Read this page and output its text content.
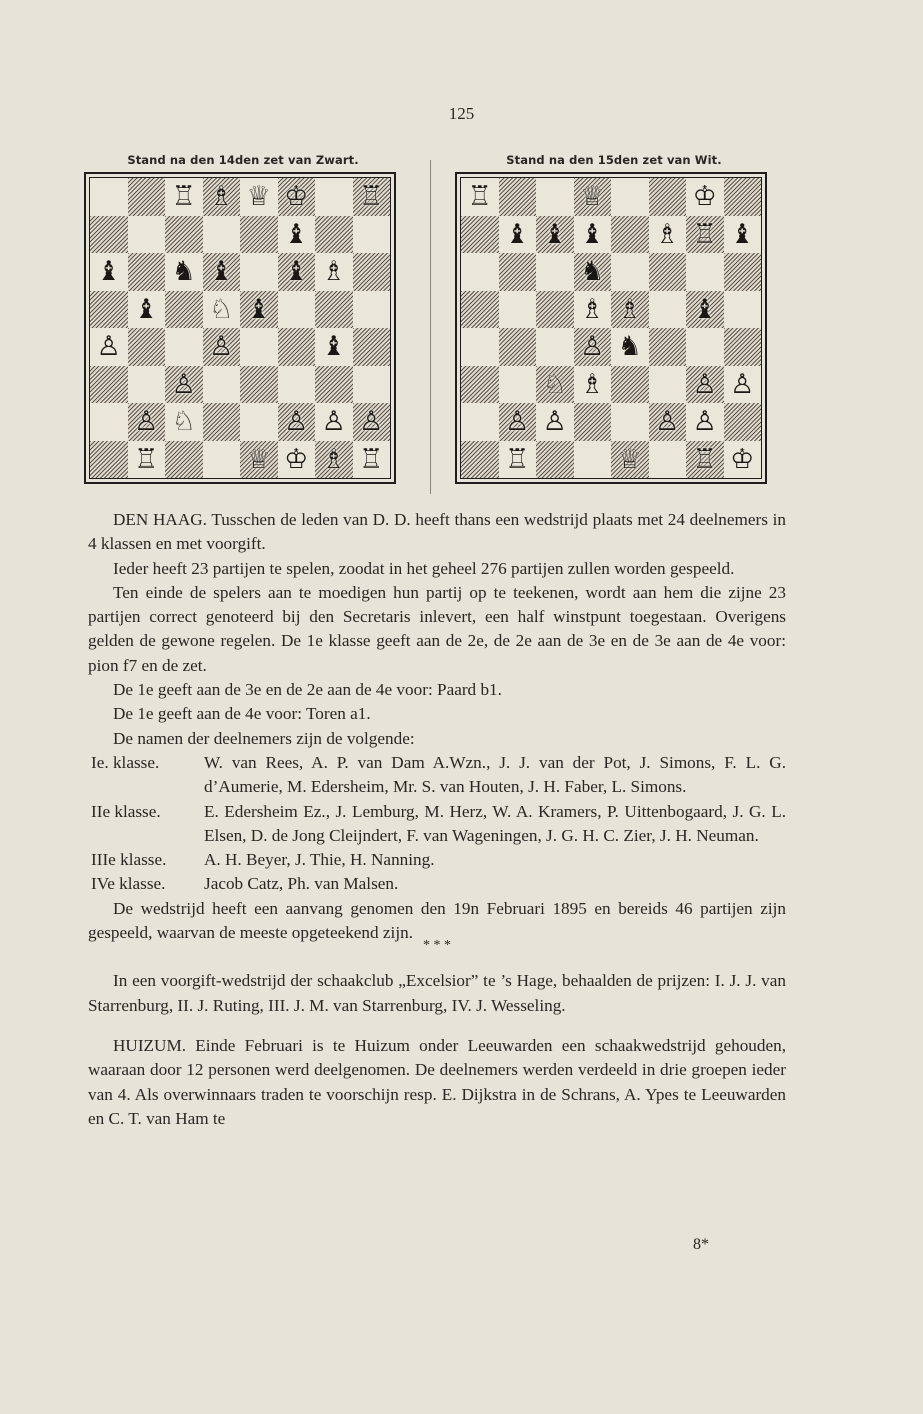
125
Stand na den 14den zet van Zwart.
♖ ♗ ♕ ♔ ♖
♝
♝ ♞ ♝ ♝ ♗
♝ ♘ ♝
♙	♙	♝
♙
♙ ♘	♙ ♙ ♙
♖	♕ ♔ ♗ ♖
Stand na den 15den zet van Wit.
♖	♕	♔
♝ ♝ ♝ ♗ ♖ ♝
♞
♗ ♗ ♝
♙ ♞
♘ ♗	♙ ♙
♙ ♙	♙ ♙
♖	♕ ♖ ♔

DEN HAAG. Tusschen de leden van D. D. heeft thans een wedstrijd plaats met 24 deelnemers in 4 klassen en met voorgift.

Ieder heeft 23 partijen te spelen, zoodat in het geheel 276 partijen zullen worden gespeeld.

Ten einde de spelers aan te moedigen hun partij op te teekenen, wordt aan hem die zijne 23 partijen correct genoteerd bij den Secretaris inlevert, een half winstpunt toegestaan. Overigens gelden de gewone regelen. De 1e klasse geeft aan de 2e, de 2e aan de 3e en de 3e aan de 4e voor: pion f7 en de zet.

De 1e geeft aan de 3e en de 2e aan de 4e voor: Paard b1.

De 1e geeft aan de 4e voor: Toren a1.

De namen der deelnemers zijn de volgende:

Ie. klasse.	W. van Rees, A. P. van Dam A.Wzn., J. J. van der Pot, J. Simons, F. L. G. d’Aumerie, M. Edersheim, Mr. S. van Houten, J. H. Faber, L. Simons.
IIe klasse.	E. Edersheim Ez., J. Lemburg, M. Herz, W. A. Kramers, P. Uittenbogaard, J. G. L. Elsen, D. de Jong Cleijndert, F. van Wageningen, J. G. H. C. Zier, J. H. Neuman.
IIIe klasse.	A. H. Beyer, J. Thie, H. Nanning.
IVe klasse.	Jacob Catz, Ph. van Malsen.

De wedstrijd heeft een aanvang genomen den 19n Februari 1895 en bereids 46 partijen zijn gespeeld, waarvan de meeste opgeteekend zijn.

* * *

In een voorgift-wedstrijd der schaakclub „Excelsior” te ’s Hage, behaalden de prijzen: I. J. J. van Starrenburg, II. J. Ruting, III. J. M. van Starrenburg, IV. J. Wesseling.

HUIZUM. Einde Februari is te Huizum onder Leeuwarden een schaakwedstrijd gehouden, waaraan door 12 personen werd deelgenomen. De deelnemers werden verdeeld in drie groepen ieder van 4. Als overwinnaars traden te voorschijn resp. E. Dijkstra in de Schrans, A. Ypes te Leeuwarden en C. T. van Ham te

8*
